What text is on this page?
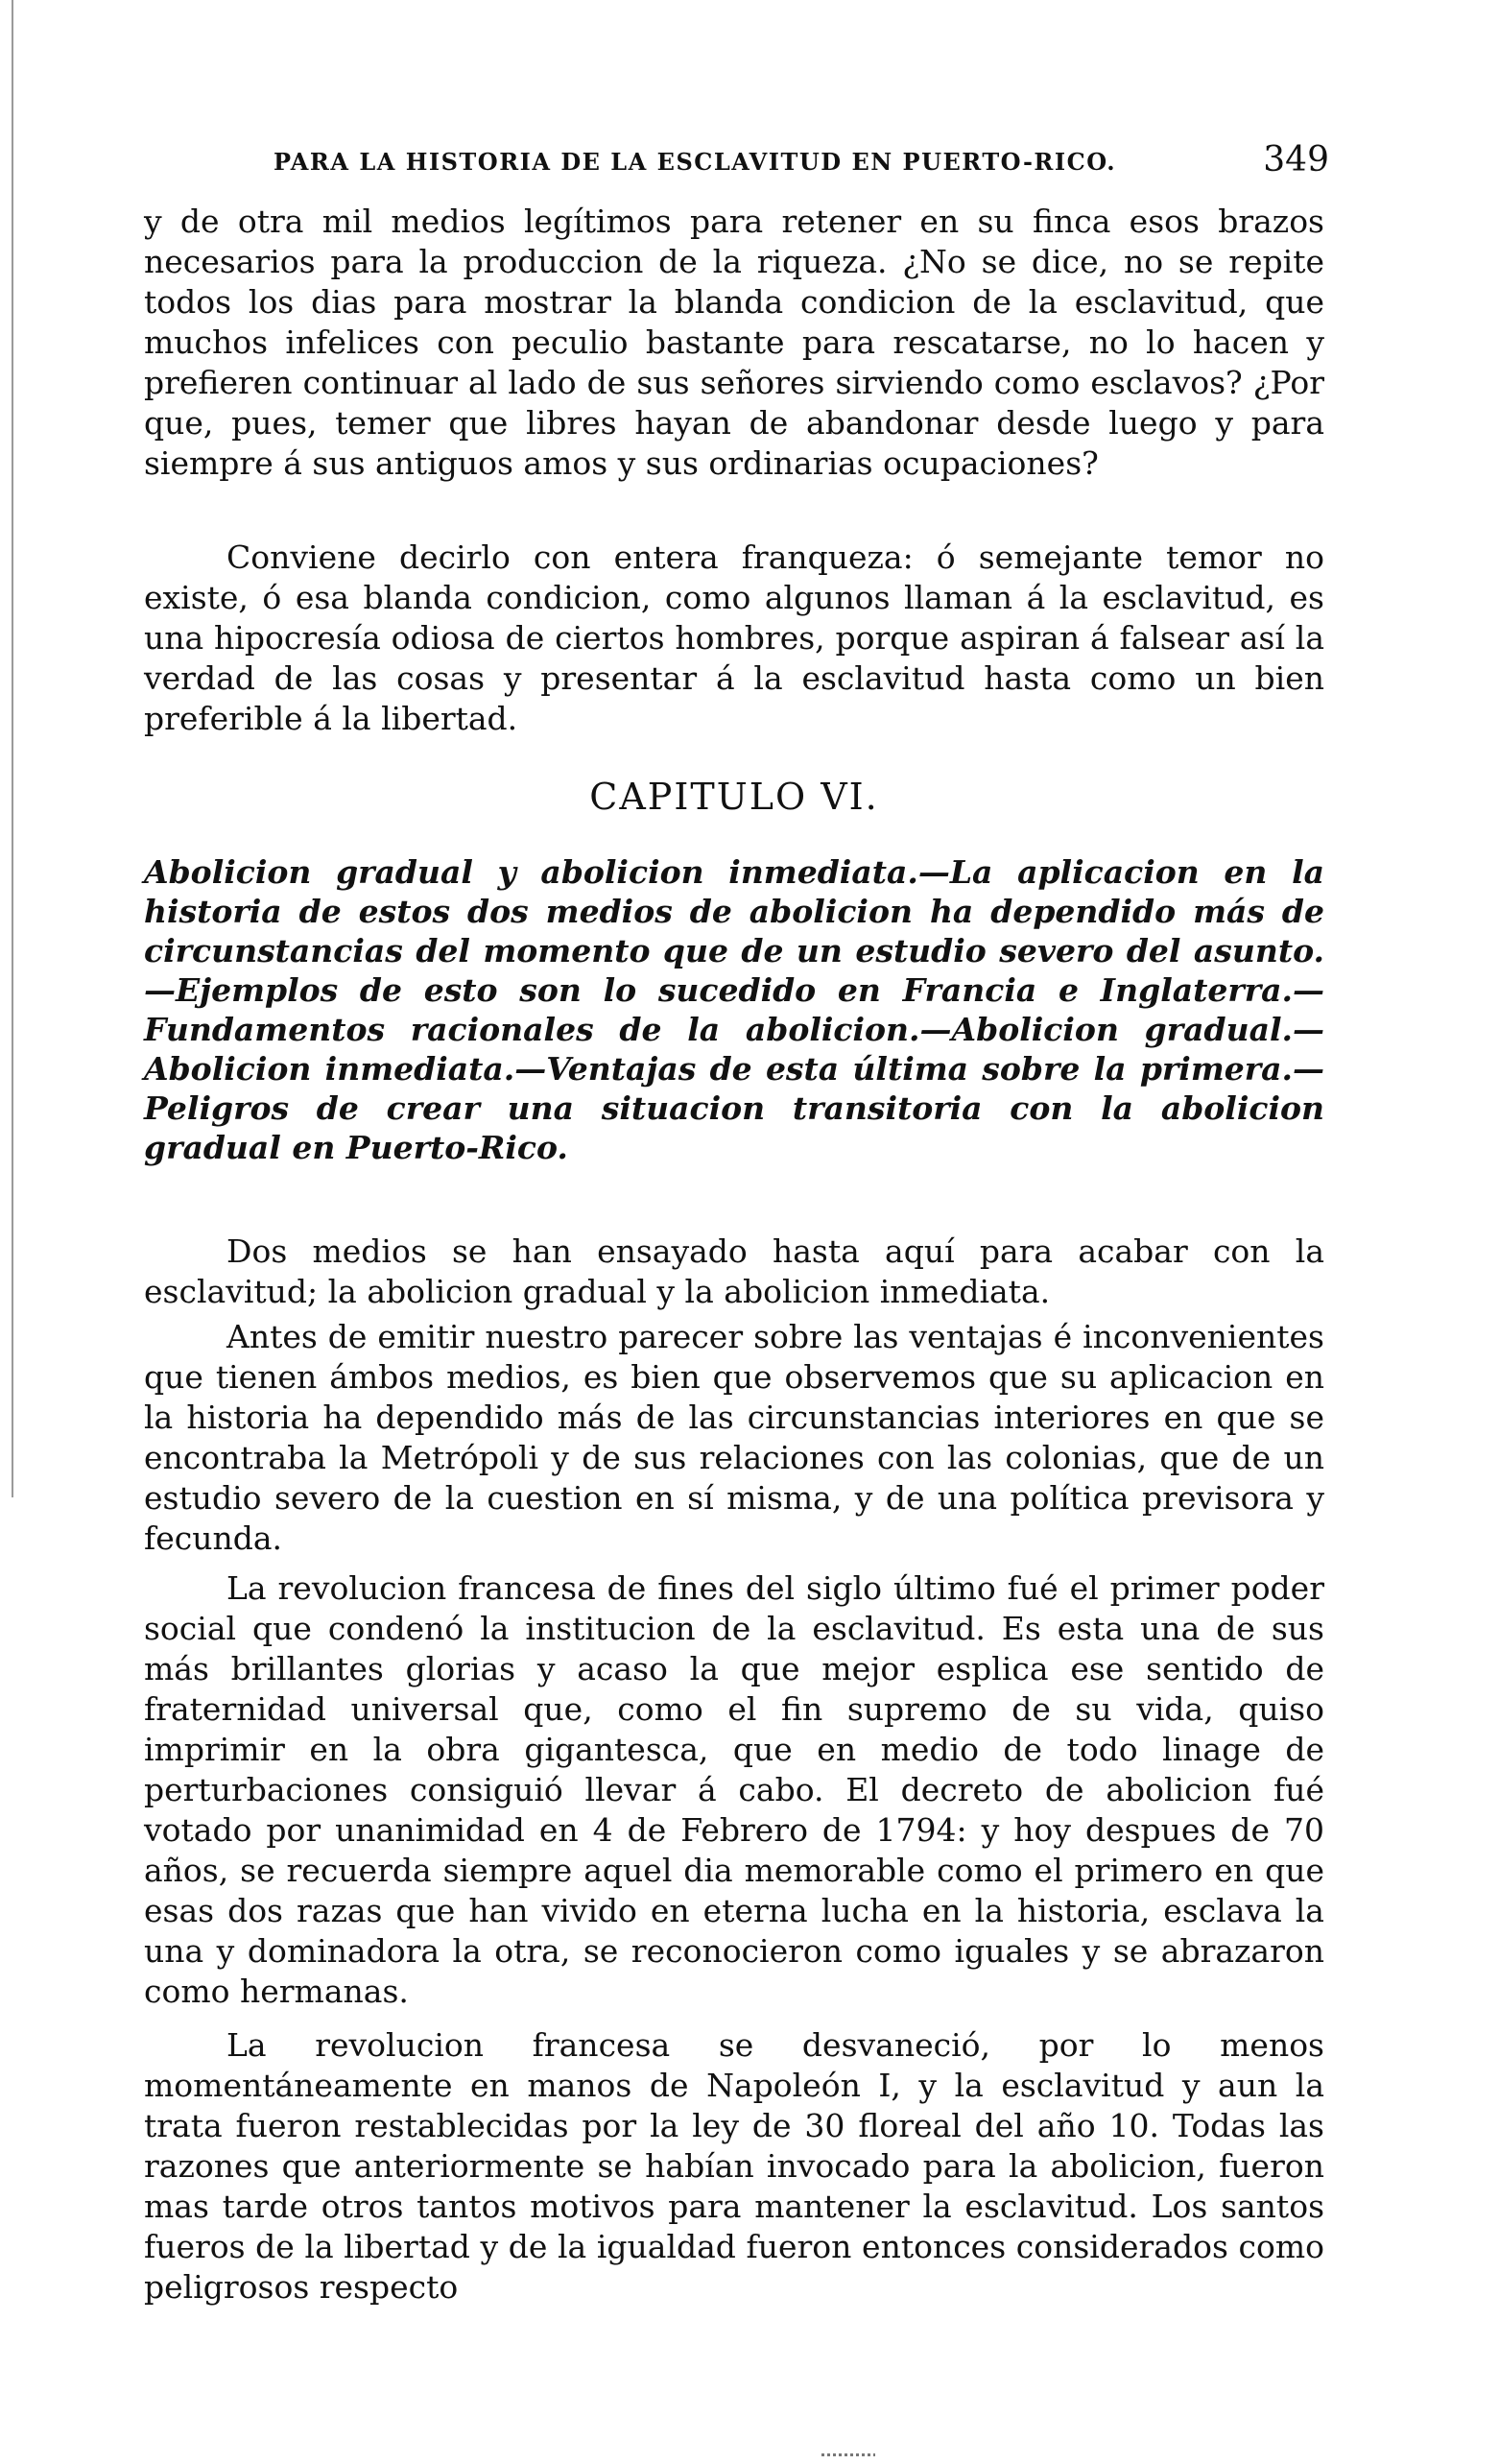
PARA LA HISTORIA DE LA ESCLAVITUD EN PUERTO-RICO.	349

y de otra mil medios legítimos para retener en su finca esos brazos necesarios para la produccion de la riqueza. ¿No se dice, no se repite todos los dias para mostrar la blanda condicion de la esclavitud, que muchos infelices con peculio bastante para rescatarse, no lo hacen y prefieren continuar al lado de sus señores sirviendo como esclavos? ¿Por que, pues, temer que libres hayan de abandonar desde luego y para siempre á sus antiguos amos y sus ordinarias ocupaciones?

Conviene decirlo con entera franqueza: ó semejante temor no existe, ó esa blanda condicion, como algunos llaman á la esclavitud, es una hipocresía odiosa de ciertos hombres, porque aspiran á falsear así la verdad de las cosas y presentar á la esclavitud hasta como un bien preferible á la libertad.

CAPITULO VI.

Abolicion gradual y abolicion inmediata.—La aplicacion en la historia de estos dos medios de abolicion ha dependido más de circunstancias del momento que de un estudio severo del asunto.—Ejemplos de esto son lo sucedido en Francia e Inglaterra.—Fundamentos racionales de la abolicion.—Abolicion gradual.—Abolicion inmediata.—Ventajas de esta última sobre la primera.—Peligros de crear una situacion transitoria con la abolicion gradual en Puerto-Rico.

Dos medios se han ensayado hasta aquí para acabar con la esclavitud; la abolicion gradual y la abolicion inmediata.

Antes de emitir nuestro parecer sobre las ventajas é inconvenientes que tienen ámbos medios, es bien que observemos que su aplicacion en la historia ha dependido más de las circunstancias interiores en que se encontraba la Metrópoli y de sus relaciones con las colonias, que de un estudio severo de la cuestion en sí misma, y de una política previsora y fecunda.

La revolucion francesa de fines del siglo último fué el primer poder social que condenó la institucion de la esclavitud. Es esta una de sus más brillantes glorias y acaso la que mejor esplica ese sentido de fraternidad universal que, como el fin supremo de su vida, quiso imprimir en la obra gigantesca, que en medio de todo linage de perturbaciones consiguió llevar á cabo. El decreto de abolicion fué votado por unanimidad en 4 de Febrero de 1794: y hoy despues de 70 años, se recuerda siempre aquel dia memorable como el primero en que esas dos razas que han vivido en eterna lucha en la historia, esclava la una y dominadora la otra, se reconocieron como iguales y se abrazaron como hermanas.

La revolucion francesa se desvaneció, por lo menos momentáneamente en manos de Napoleón I, y la esclavitud y aun la trata fueron restablecidas por la ley de 30 floreal del año 10. Todas las razones que anteriormente se habían invocado para la abolicion, fueron mas tarde otros tantos motivos para mantener la esclavitud. Los santos fueros de la libertad y de la igualdad fueron entonces considerados como peligrosos respecto
